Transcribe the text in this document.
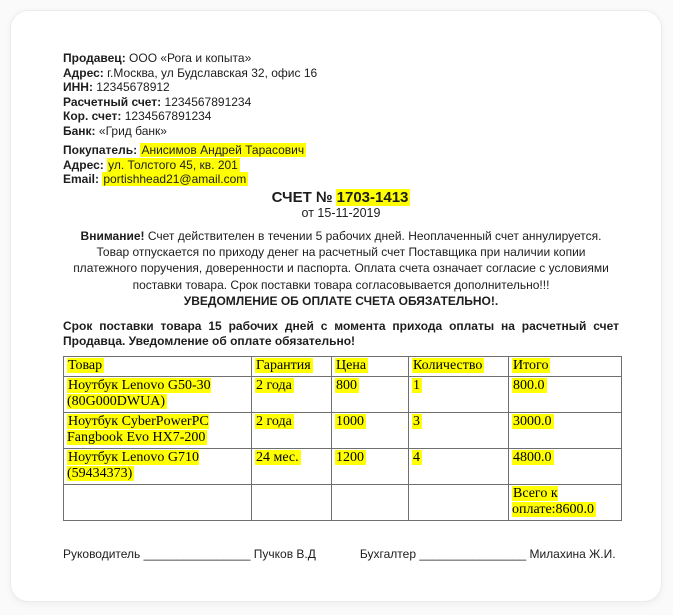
Продавец: ООО «Рога и копыта»
Адрес: г.Москва, ул Будславская 32, офис 16
ИНН: 12345678912
Расчетный счет: 1234567891234
Кор. счет: 1234567891234
Банк: «Грид банк»
Покупатель: Анисимов Андрей Тарасович
Адрес: ул. Толстого 45, кв. 201
Email: portishhead21@amail.com
СЧЕТ № 1703-1413
от 15-11-2019

Внимание! Счет действителен в течении 5 рабочих дней. Неоплаченный счет аннулируется. Товар отпускается по приходу денег на расчетный счет Поставщика при наличии копии платежного поручения, доверенности и паспорта. Оплата счета означает согласие с условиями поставки товара. Срок поставки товара согласовывается дополнительно!!!

УВЕДОМЛЕНИЕ ОБ ОПЛАТЕ СЧЕТА ОБЯЗАТЕЛЬНО!.

Срок поставки товара 15 рабочих дней с момента прихода оплаты на расчетный счет Продавца. Уведомление об оплате обязательно!
Товар	Гарантия	Цена	Количество	Итого
Ноутбук Lenovo G50-30 (80G000DWUA)	2 года	800	1	800.0
Ноутбук CyberPowerPC Fangbook Evo HX7-200	2 года	1000	3	3000.0
Ноутбук Lenovo G710 (59434373)	24 мес.	1200	4	4800.0
				Всего к оплате:8600.0
Руководитель ________________ Пучков В.Д	Бухгалтер ________________ Милахина Ж.И.
